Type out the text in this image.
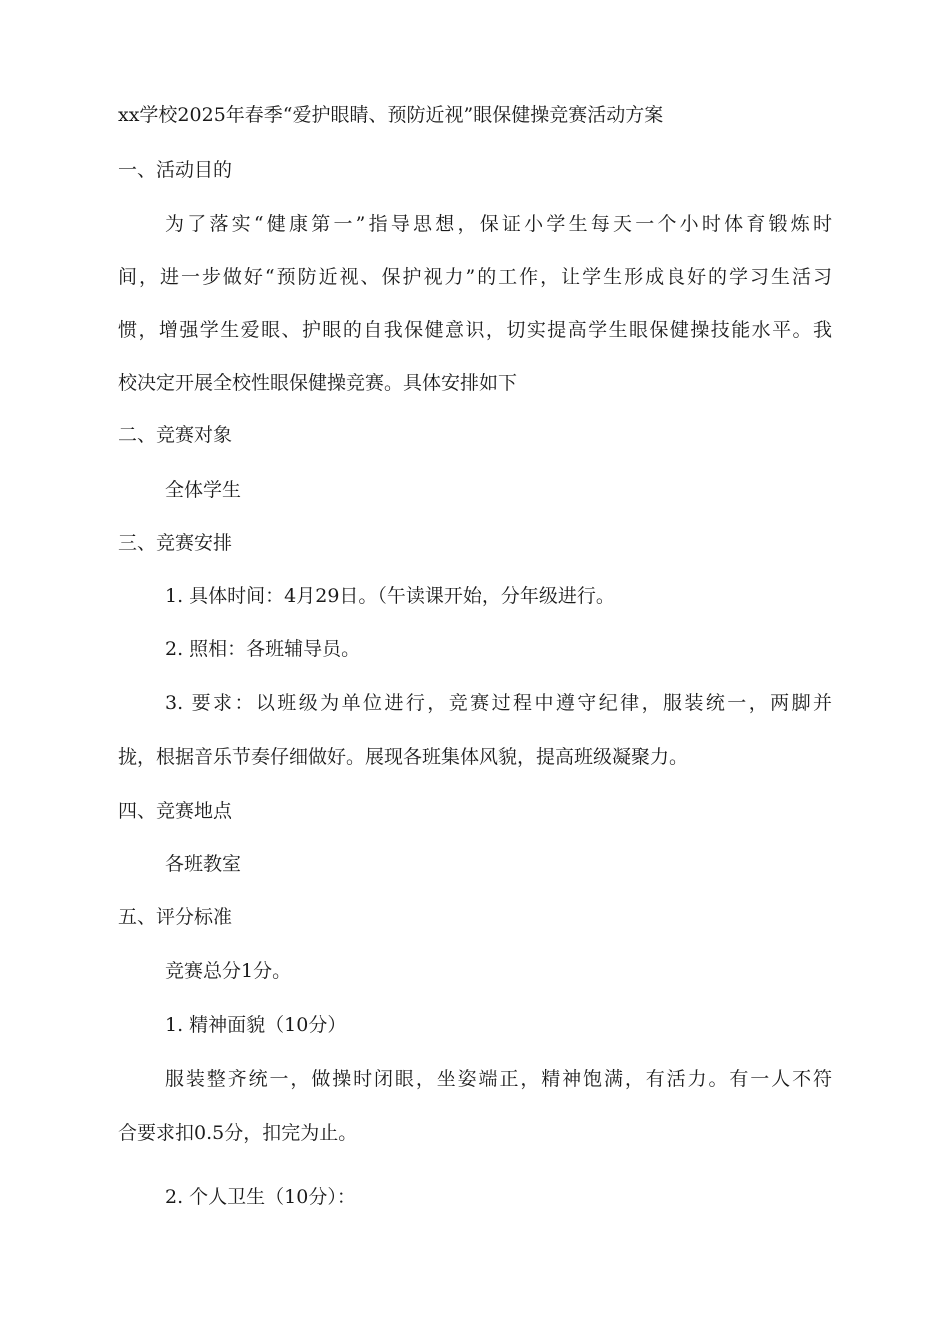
xx学校2025年春季“爱护眼睛、预防近视”眼保健操竞赛活动方案
一、活动目的
为了落实“健康第一”指导思想，保证小学生每天一个小时体育锻炼时
间，进一步做好“预防近视、保护视力”的工作，让学生形成良好的学习生活习
惯，增强学生爱眼、护眼的自我保健意识，切实提高学生眼保健操技能水平。我
校决定开展全校性眼保健操竞赛。具体安排如下
二、竞赛对象
全体学生
三、竞赛安排
1. 具体时间：4月29日。（午读课开始，分年级进行。
2. 照相：各班辅导员。
3. 要求：以班级为单位进行，竞赛过程中遵守纪律，服装统一，两脚并
拢，根据音乐节奏仔细做好。展现各班集体风貌，提高班级凝聚力。
四、竞赛地点
各班教室
五、评分标准
竞赛总分1分。
1. 精神面貌（10分）
服装整齐统一，做操时闭眼，坐姿端正，精神饱满，有活力。有一人不符
合要求扣0.5分，扣完为止。
2. 个人卫生（10分）：
